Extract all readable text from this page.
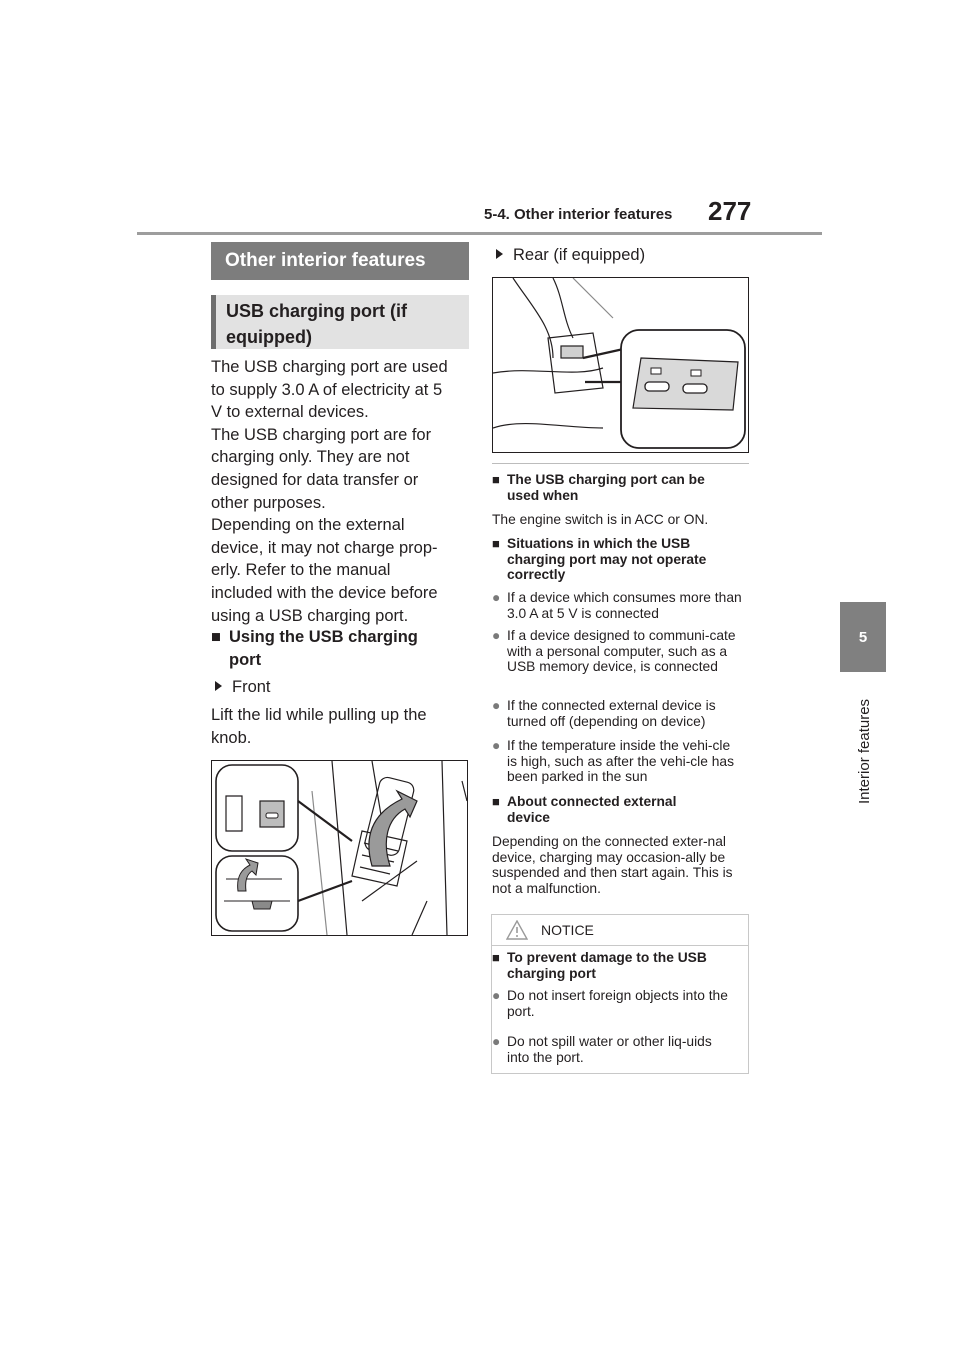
5-4. Other interior features 277
5
Interior features
Other interior features
USB charging port (if equipped)

The USB charging port are used

to supply 3.0 A of electricity at 5

V to external devices.

The USB charging port are for

charging only. They are not

designed for data transfer or

other purposes.

Depending on the external

device, it may not charge prop-

erly. Refer to the manual

included with the device before

using a USB charging port.

■ Using the USB charging port
Front
Lift the lid while pulling up the knob.
Rear (if equipped)
■ The USB charging port can be used when
The engine switch is in ACC or ON.
■ Situations in which the USB charging port may not operate correctly
● If a device which consumes more than 3.0 A at 5 V is connected
● If a device designed to communi-cate with a personal computer, such as a USB memory device, is connected
● If the connected external device is turned off (depending on device)
● If the temperature inside the vehi-cle is high, such as after the vehi-cle has been parked in the sun
■ About connected external device
Depending on the connected exter-nal device, charging may occasion-ally be suspended and then start again. This is not a malfunction.
NOTICE
■ To prevent damage to the USB charging port
● Do not insert foreign objects into the port.
● Do not spill water or other liq-uids into the port.
